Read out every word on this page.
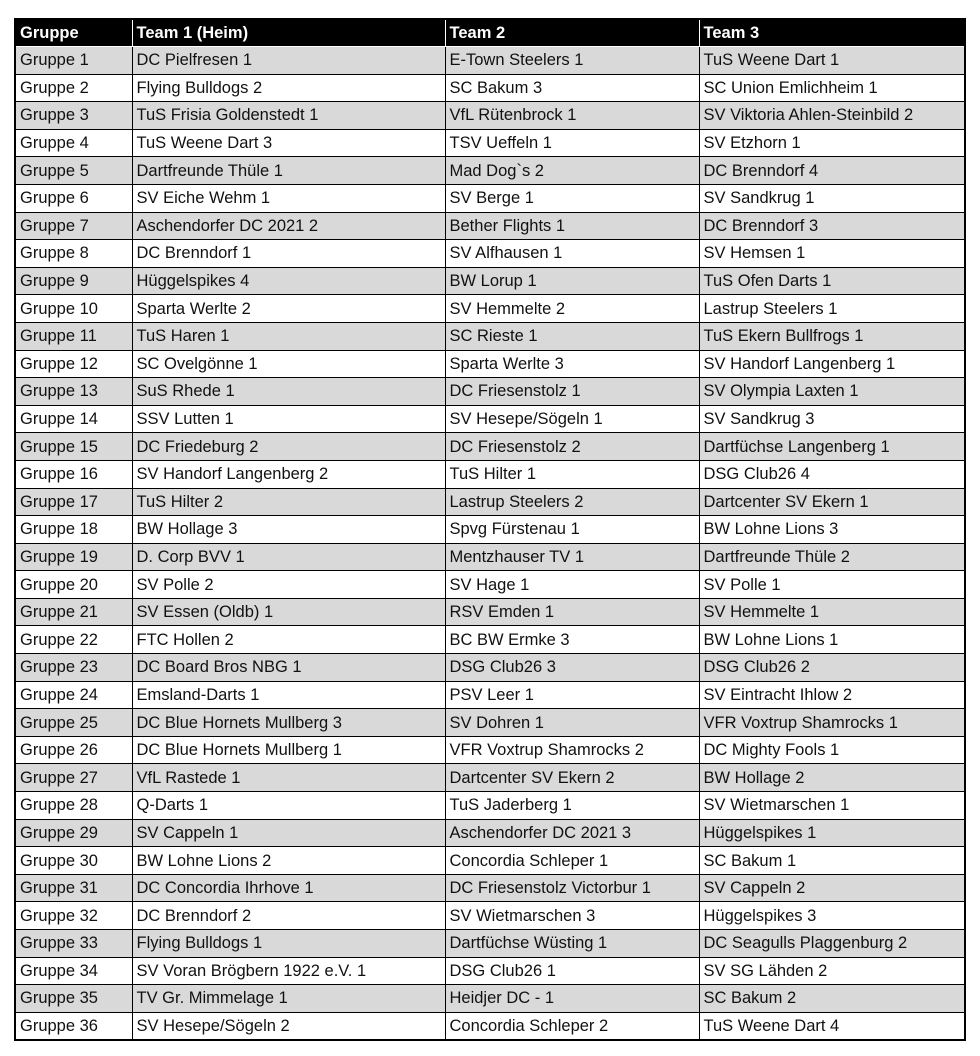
Gruppe	Team 1 (Heim)	Team 2	Team 3
Gruppe 1	DC Pielfresen 1	E-Town Steelers 1	TuS Weene Dart 1
Gruppe 2	Flying Bulldogs 2	SC Bakum 3	SC Union Emlichheim 1
Gruppe 3	TuS Frisia Goldenstedt 1	VfL Rütenbrock 1	SV Viktoria Ahlen-Steinbild 2
Gruppe 4	TuS Weene Dart 3	TSV Ueffeln 1	SV Etzhorn 1
Gruppe 5	Dartfreunde Thüle 1	Mad Dog`s 2	DC Brenndorf 4
Gruppe 6	SV Eiche Wehm 1	SV Berge 1	SV Sandkrug 1
Gruppe 7	Aschendorfer DC 2021 2	Bether Flights 1	DC Brenndorf 3
Gruppe 8	DC Brenndorf 1	SV Alfhausen 1	SV Hemsen 1
Gruppe 9	Hüggelspikes 4	BW Lorup 1	TuS Ofen Darts 1
Gruppe 10	Sparta Werlte 2	SV Hemmelte 2	Lastrup Steelers 1
Gruppe 11	TuS Haren 1	SC Rieste 1	TuS Ekern Bullfrogs 1
Gruppe 12	SC Ovelgönne 1	Sparta Werlte 3	SV Handorf Langenberg 1
Gruppe 13	SuS Rhede 1	DC Friesenstolz 1	SV Olympia Laxten 1
Gruppe 14	SSV Lutten 1	SV Hesepe/Sögeln 1	SV Sandkrug 3
Gruppe 15	DC Friedeburg 2	DC Friesenstolz 2	Dartfüchse Langenberg 1
Gruppe 16	SV Handorf Langenberg 2	TuS Hilter 1	DSG Club26 4
Gruppe 17	TuS Hilter 2	Lastrup Steelers 2	Dartcenter SV Ekern 1
Gruppe 18	BW Hollage 3	Spvg Fürstenau 1	BW Lohne Lions 3
Gruppe 19	D. Corp BVV 1	Mentzhauser TV 1	Dartfreunde Thüle 2
Gruppe 20	SV Polle 2	SV Hage 1	SV Polle 1
Gruppe 21	SV Essen (Oldb) 1	RSV Emden 1	SV Hemmelte 1
Gruppe 22	FTC Hollen 2	BC BW Ermke 3	BW Lohne Lions 1
Gruppe 23	DC Board Bros NBG 1	DSG Club26 3	DSG Club26 2
Gruppe 24	Emsland-Darts 1	PSV Leer 1	SV Eintracht Ihlow 2
Gruppe 25	DC Blue Hornets Mullberg 3	SV Dohren 1	VFR Voxtrup Shamrocks 1
Gruppe 26	DC Blue Hornets Mullberg 1	VFR Voxtrup Shamrocks 2	DC Mighty Fools 1
Gruppe 27	VfL Rastede 1	Dartcenter SV Ekern 2	BW Hollage 2
Gruppe 28	Q-Darts 1	TuS Jaderberg 1	SV Wietmarschen 1
Gruppe 29	SV Cappeln 1	Aschendorfer DC 2021 3	Hüggelspikes 1
Gruppe 30	BW Lohne Lions 2	Concordia Schleper 1	SC Bakum 1
Gruppe 31	DC Concordia Ihrhove 1	DC Friesenstolz Victorbur 1	SV Cappeln 2
Gruppe 32	DC Brenndorf 2	SV Wietmarschen 3	Hüggelspikes 3
Gruppe 33	Flying Bulldogs 1	Dartfüchse Wüsting 1	DC Seagulls Plaggenburg 2
Gruppe 34	SV Voran Brögbern 1922 e.V. 1	DSG Club26 1	SV SG Lähden 2
Gruppe 35	TV Gr. Mimmelage 1	Heidjer DC - 1	SC Bakum 2
Gruppe 36	SV Hesepe/Sögeln 2	Concordia Schleper 2	TuS Weene Dart 4
